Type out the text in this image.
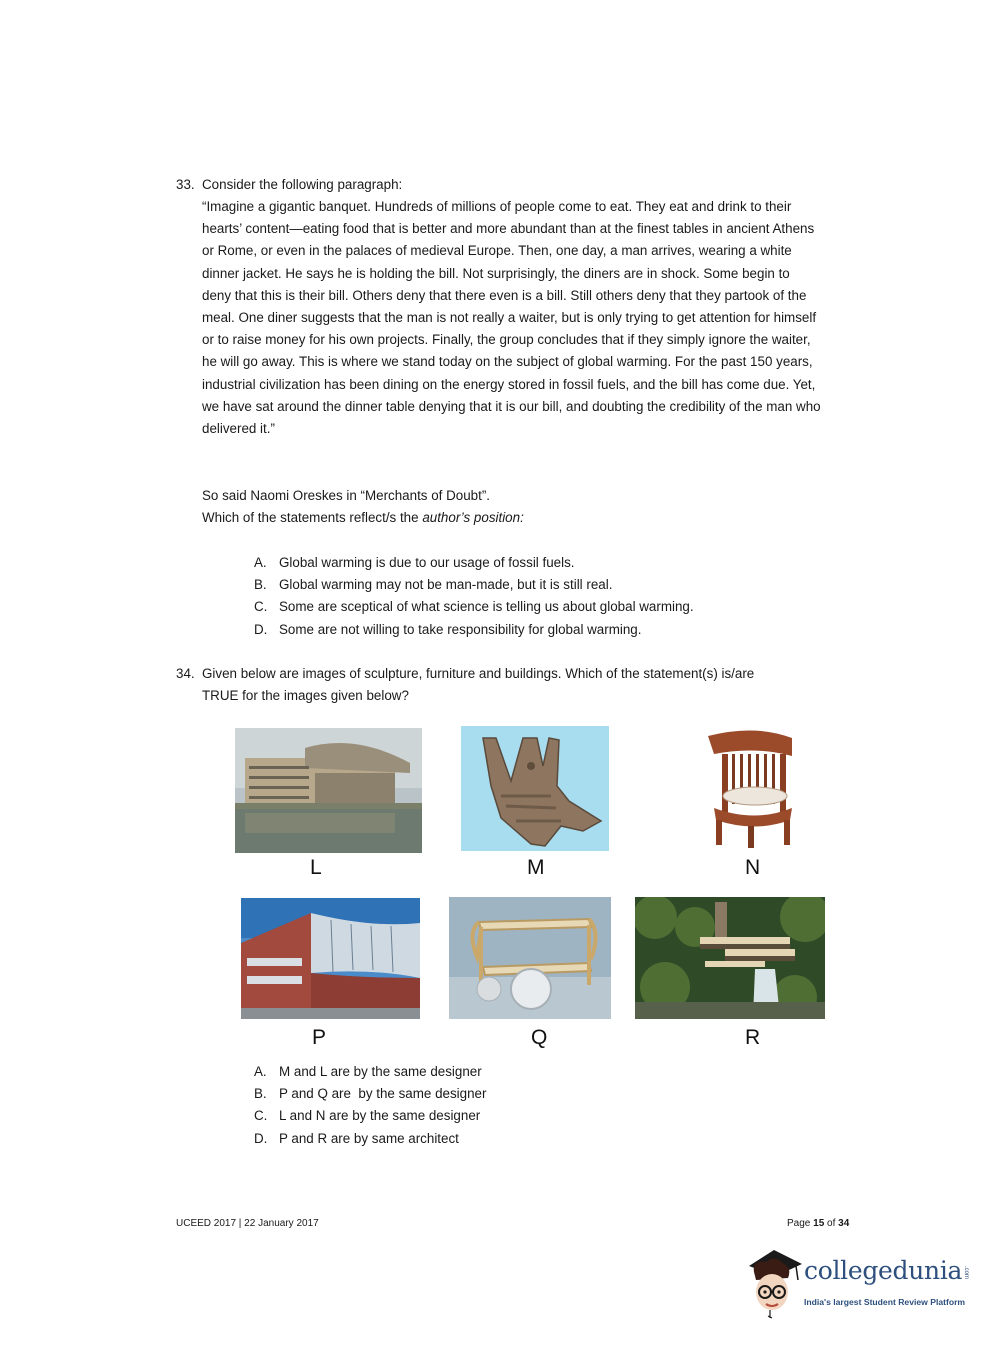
33. Consider the following paragraph:
“Imagine a gigantic banquet. Hundreds of millions of people come to eat. They eat and drink to their hearts’ content—eating food that is better and more abundant than at the finest tables in ancient Athens or Rome, or even in the palaces of medieval Europe. Then, one day, a man arrives, wearing a white dinner jacket. He says he is holding the bill. Not surprisingly, the diners are in shock. Some begin to deny that this is their bill. Others deny that there even is a bill. Still others deny that they partook of the meal. One diner suggests that the man is not really a waiter, but is only trying to get attention for himself or to raise money for his own projects. Finally, the group concludes that if they simply ignore the waiter, he will go away. This is where we stand today on the subject of global warming. For the past 150 years, industrial civilization has been dining on the energy stored in fossil fuels, and the bill has come due. Yet, we have sat around the dinner table denying that it is our bill, and doubting the credibility of the man who delivered it.”
So said Naomi Oreskes in “Merchants of Doubt”.
Which of the statements reflect/s the author’s position:
A. Global warming is due to our usage of fossil fuels.
B. Global warming may not be man-made, but it is still real.
C. Some are sceptical of what science is telling us about global warming.
D. Some are not willing to take responsibility for global warming.
34. Given below are images of sculpture, furniture and buildings. Which of the statement(s) is/are
TRUE for the images given below?
L	M	N
P	Q	R
A. M and L are by the same designer
B. P and Q are  by the same designer
C. L and N are by the same designer
D. P and R are by same architect
UCEED 2017 | 22 January 2017	Page 15 of 34
collegedunia .com
India's largest Student Review Platform
